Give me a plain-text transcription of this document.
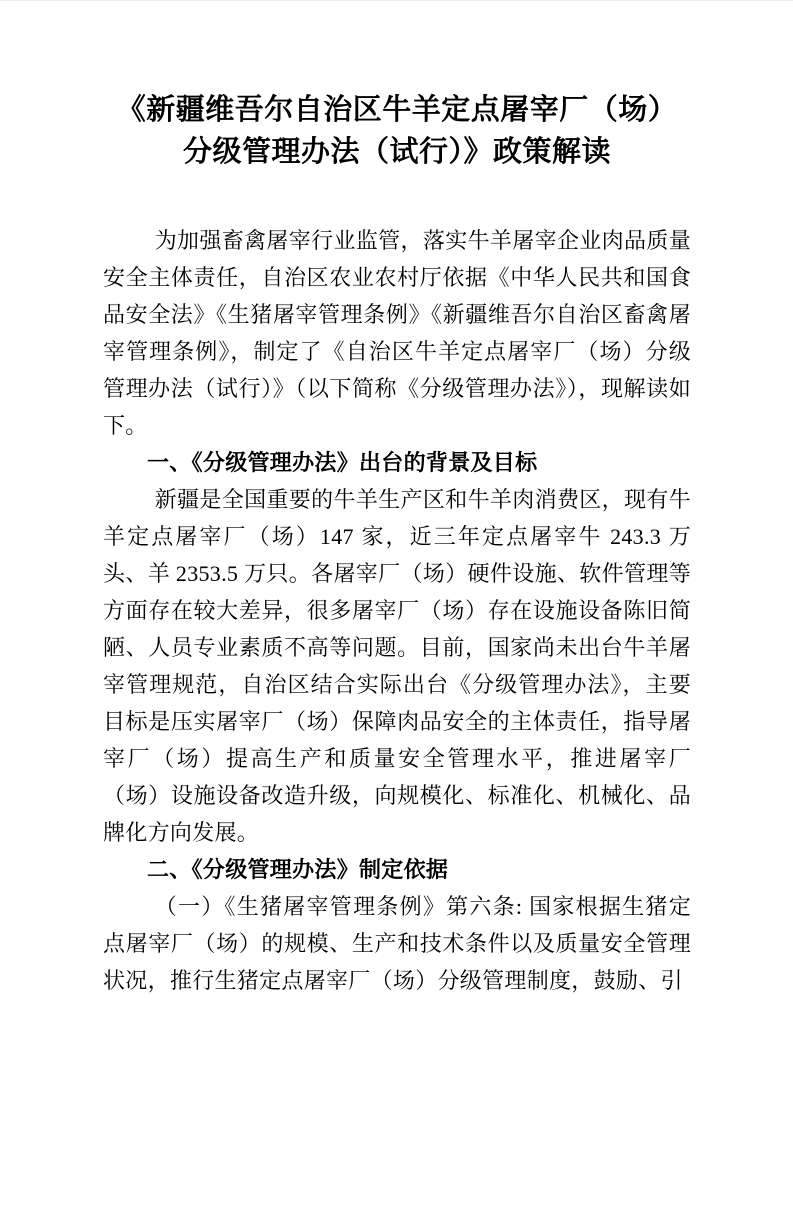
《新疆维吾尔自治区牛羊定点屠宰厂（场）
分级管理办法（试行）》政策解读

为加强畜禽屠宰行业监管，落实牛羊屠宰企业肉品质量安全主体责任，自治区农业农村厅依据《中华人民共和国食品安全法》《生猪屠宰管理条例》《新疆维吾尔自治区畜禽屠宰管理条例》，制定了《自治区牛羊定点屠宰厂（场）分级管理办法（试行）》（以下简称《分级管理办法》），现解读如下。

一、《分级管理办法》出台的背景及目标

新疆是全国重要的牛羊生产区和牛羊肉消费区，现有牛羊定点屠宰厂（场）147 家，近三年定点屠宰牛 243.3 万头、羊 2353.5 万只。各屠宰厂（场）硬件设施、软件管理等方面存在较大差异，很多屠宰厂（场）存在设施设备陈旧简陋、人员专业素质不高等问题。目前，国家尚未出台牛羊屠宰管理规范，自治区结合实际出台《分级管理办法》，主要目标是压实屠宰厂（场）保障肉品安全的主体责任，指导屠宰厂（场）提高生产和质量安全管理水平，推进屠宰厂（场）设施设备改造升级，向规模化、标准化、机械化、品牌化方向发展。

二、《分级管理办法》制定依据

（一）《生猪屠宰管理条例》第六条: 国家根据生猪定点屠宰厂（场）的规模、生产和技术条件以及质量安全管理状况，推行生猪定点屠宰厂（场）分级管理制度，鼓励、引
